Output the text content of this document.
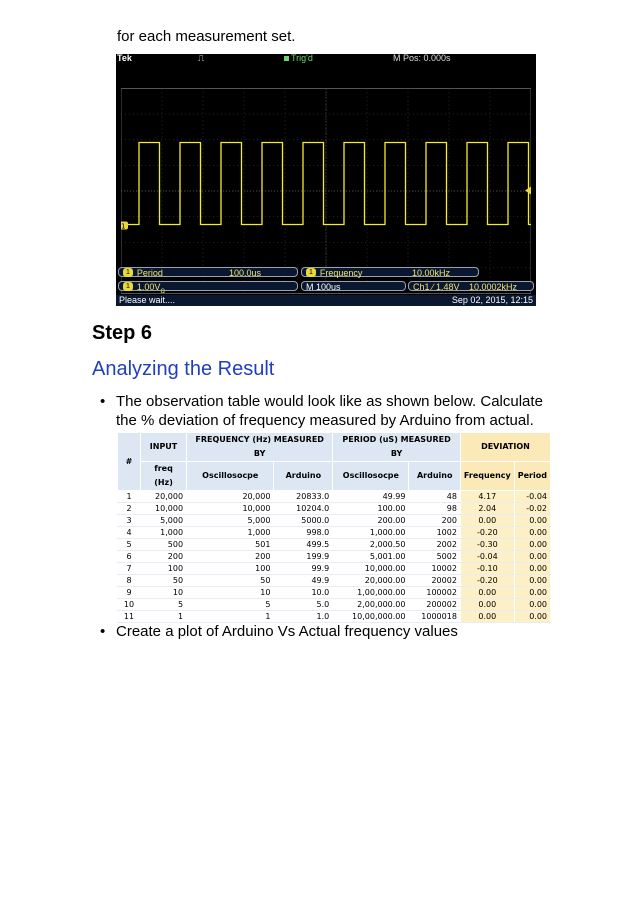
for each measurement set.
Tek	⎍	Trig'd	M Pos: 0.000s
1
1 Period	100.0us	1 Frequency	10.00kHz
1 $1.00V_\Omega$	M 100us	Ch1 ∕ 1.48V 10.0002kHz
Please wait....	Sep 02, 2015, 12:15
Step 6
Analyzing the Result
• The observation table would look like as shown below. Calculate
the % deviation of frequency measured by Arduino from actual.
#	INPUT	FREQUENCY (Hz) MEASURED BY		PERIOD (uS) MEASURED BY		DEVIATION	
	freq (Hz)	Oscillosocpe	Arduino	Oscillosocpe	Arduino	Frequency	Period
1	20,000	20,000	20833.0	49.99	48	4.17	-0.04
2	10,000	10,000	10204.0	100.00	98	2.04	-0.02
3	5,000	5,000	5000.0	200.00	200	0.00	0.00
4	1,000	1,000	998.0	1,000.00	1002	-0.20	0.00
5	500	501	499.5	2,000.50	2002	-0.30	0.00
6	200	200	199.9	5,001.00	5002	-0.04	0.00
7	100	100	99.9	10,000.00	10002	-0.10	0.00
8	50	50	49.9	20,000.00	20002	-0.20	0.00
9	10	10	10.0	1,00,000.00	100002	0.00	0.00
10	5	5	5.0	2,00,000.00	200002	0.00	0.00
11	1	1	1.0	10,00,000.00	1000018	0.00	0.00
• Create a plot of Arduino Vs Actual frequency values
